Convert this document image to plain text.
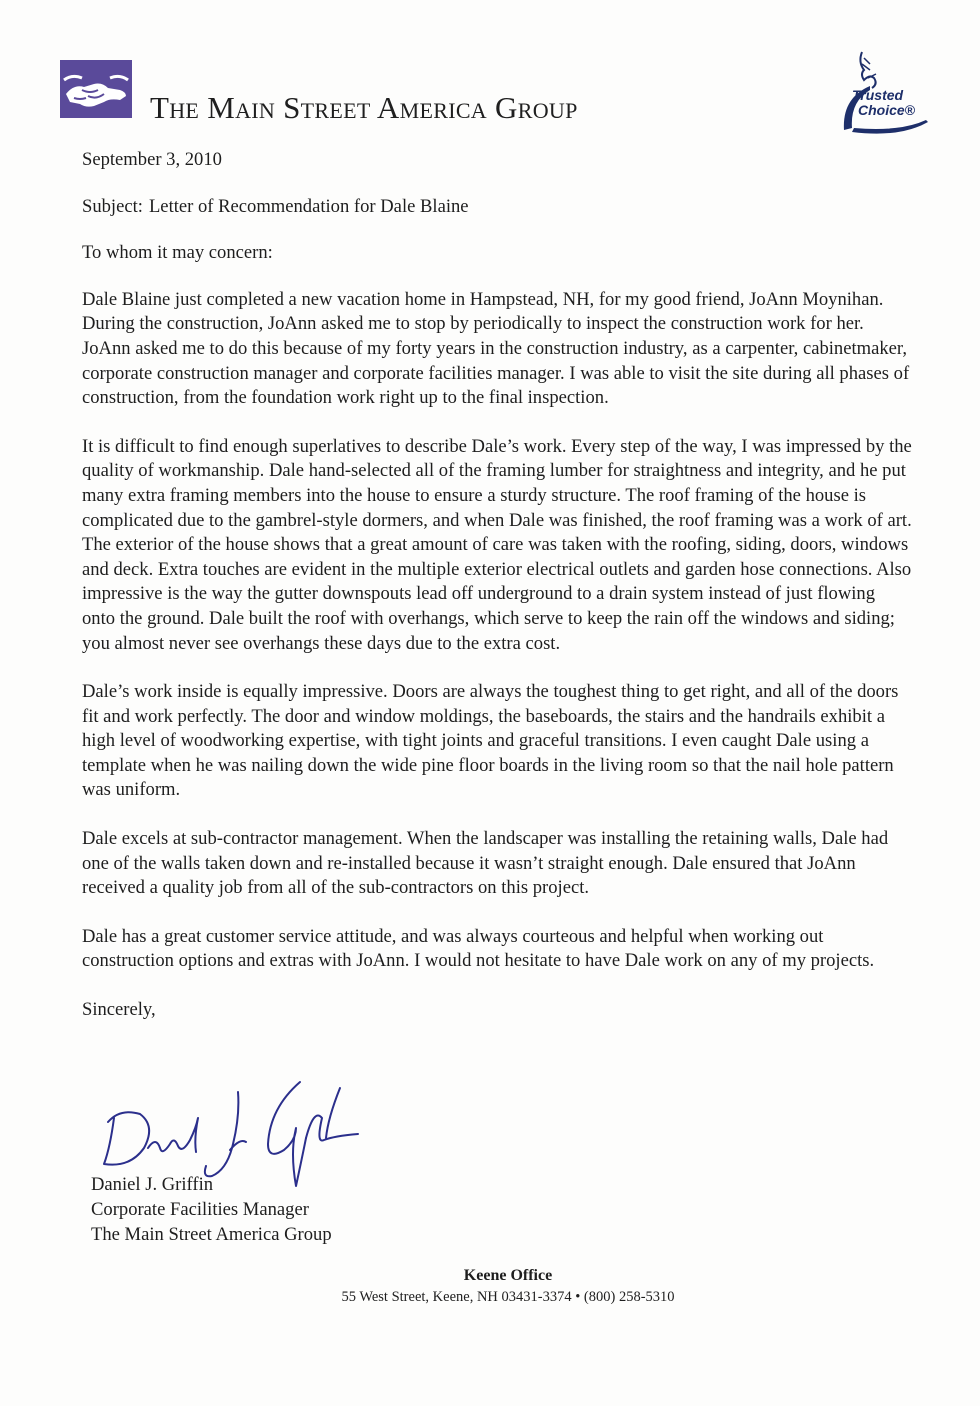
The Main Street America Group	Trusted
Choice®
September 3, 2010
Subject: Letter of Recommendation for Dale Blaine
To whom it may concern:

Dale Blaine just completed a new vacation home in Hampstead, NH, for my good friend, JoAnn Moynihan. During the construction, JoAnn asked me to stop by periodically to inspect the construction work for her. JoAnn asked me to do this because of my forty years in the construction industry, as a carpenter, cabinetmaker, corporate construction manager and corporate facilities manager. I was able to visit the site during all phases of construction, from the foundation work right up to the final inspection.

It is difficult to find enough superlatives to describe Dale’s work. Every step of the way, I was impressed by the quality of workmanship. Dale hand-selected all of the framing lumber for straightness and integrity, and he put many extra framing members into the house to ensure a sturdy structure. The roof framing of the house is complicated due to the gambrel-style dormers, and when Dale was finished, the roof framing was a work of art. The exterior of the house shows that a great amount of care was taken with the roofing, siding, doors, windows and deck. Extra touches are evident in the multiple exterior electrical outlets and garden hose connections. Also impressive is the way the gutter downspouts lead off underground to a drain system instead of just flowing onto the ground. Dale built the roof with overhangs, which serve to keep the rain off the windows and siding; you almost never see overhangs these days due to the extra cost.

Dale’s work inside is equally impressive. Doors are always the toughest thing to get right, and all of the doors fit and work perfectly. The door and window moldings, the baseboards, the stairs and the handrails exhibit a high level of woodworking expertise, with tight joints and graceful transitions. I even caught Dale using a template when he was nailing down the wide pine floor boards in the living room so that the nail hole pattern was uniform.

Dale excels at sub-contractor management. When the landscaper was installing the retaining walls, Dale had one of the walls taken down and re-installed because it wasn’t straight enough. Dale ensured that JoAnn received a quality job from all of the sub-contractors on this project.

Dale has a great customer service attitude, and was always courteous and helpful when working out construction options and extras with JoAnn. I would not hesitate to have Dale work on any of my projects.

Sincerely,
Daniel J. Griffin
Corporate Facilities Manager
The Main Street America Group
Keene Office
55 West Street, Keene, NH 03431-3374 • (800) 258-5310
